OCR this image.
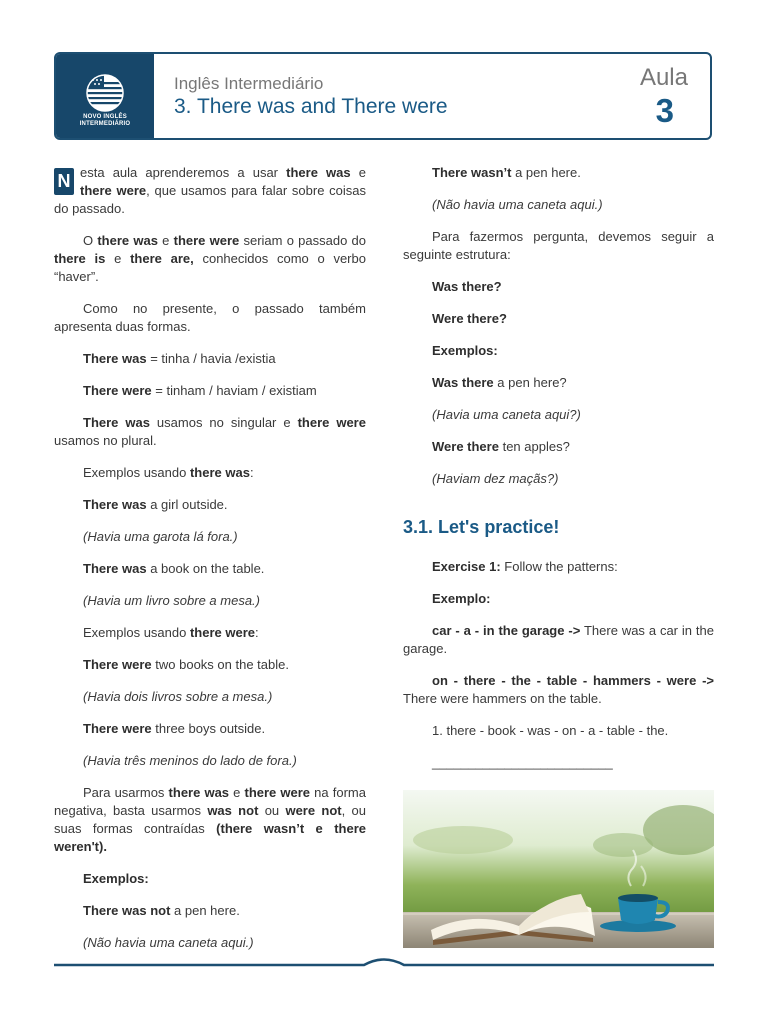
NOVO INGLÊS
INTERMEDIÁRIO
Inglês Intermediário
3. There was and There were
Aula
3

N esta aula aprenderemos a usar there was e there were, que usamos para falar sobre coisas do passado.

O there was e there were seriam o passado do there is e there are, conhecidos como o verbo “haver”.

Como no presente, o passado também apresenta duas formas.

There was = tinha / havia /existia

There were = tinham / haviam / existiam

There was usamos no singular e there were usamos no plural.

Exemplos usando there was:

There was a girl outside.

(Havia uma garota lá fora.)

There was a book on the table.

(Havia um livro sobre a mesa.)

Exemplos usando there were:

There were two books on the table.

(Havia dois livros sobre a mesa.)

There were three boys outside.

(Havia três meninos do lado de fora.)

Para usarmos there was e there were na forma negativa, basta usarmos was not ou were not, ou suas formas contraídas (there wasn’t e there weren't).

Exemplos:

There was not a pen here.

(Não havia uma caneta aqui.)

There wasn’t a pen here.

(Não havia uma caneta aqui.)

Para fazermos pergunta, devemos seguir a seguinte estrutura:

Was there?

Were there?

Exemplos:

Was there a pen here?

(Havia uma caneta aqui?)

Were there ten apples?

(Haviam dez maçãs?)

3.1. Let's practice!

Exercise 1: Follow the patterns:

Exemplo:

car - a - in the garage -> There was a car in the garage.

on - there - the - table - hammers - were -> There were hammers on the table.

1. there - book - was - on - a - table - the.

_________________________
